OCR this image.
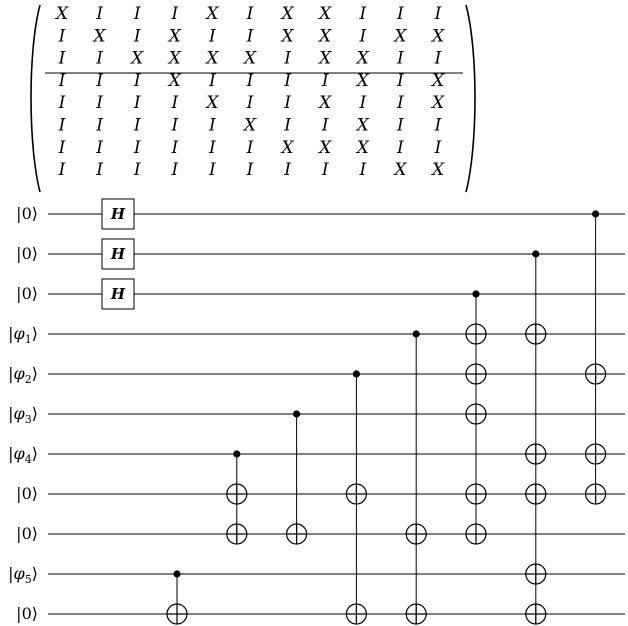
X I I I X I X X I I I
I X I X I I X X I X X
I I X X X X I X X I I
I I I X I I I I X I X
I I I I X I I X I I X
I I I I I X I I X I I
I I I I I I X X X I I
I I I I I I I I I X X
|0⟩
|0⟩
|0⟩
$|\varphi_1⟩$
$|\varphi_2⟩$
$|\varphi_3⟩$
$|\varphi_4⟩$
|0⟩
|0⟩
$|\varphi_5⟩$
|0⟩
H
H
H
